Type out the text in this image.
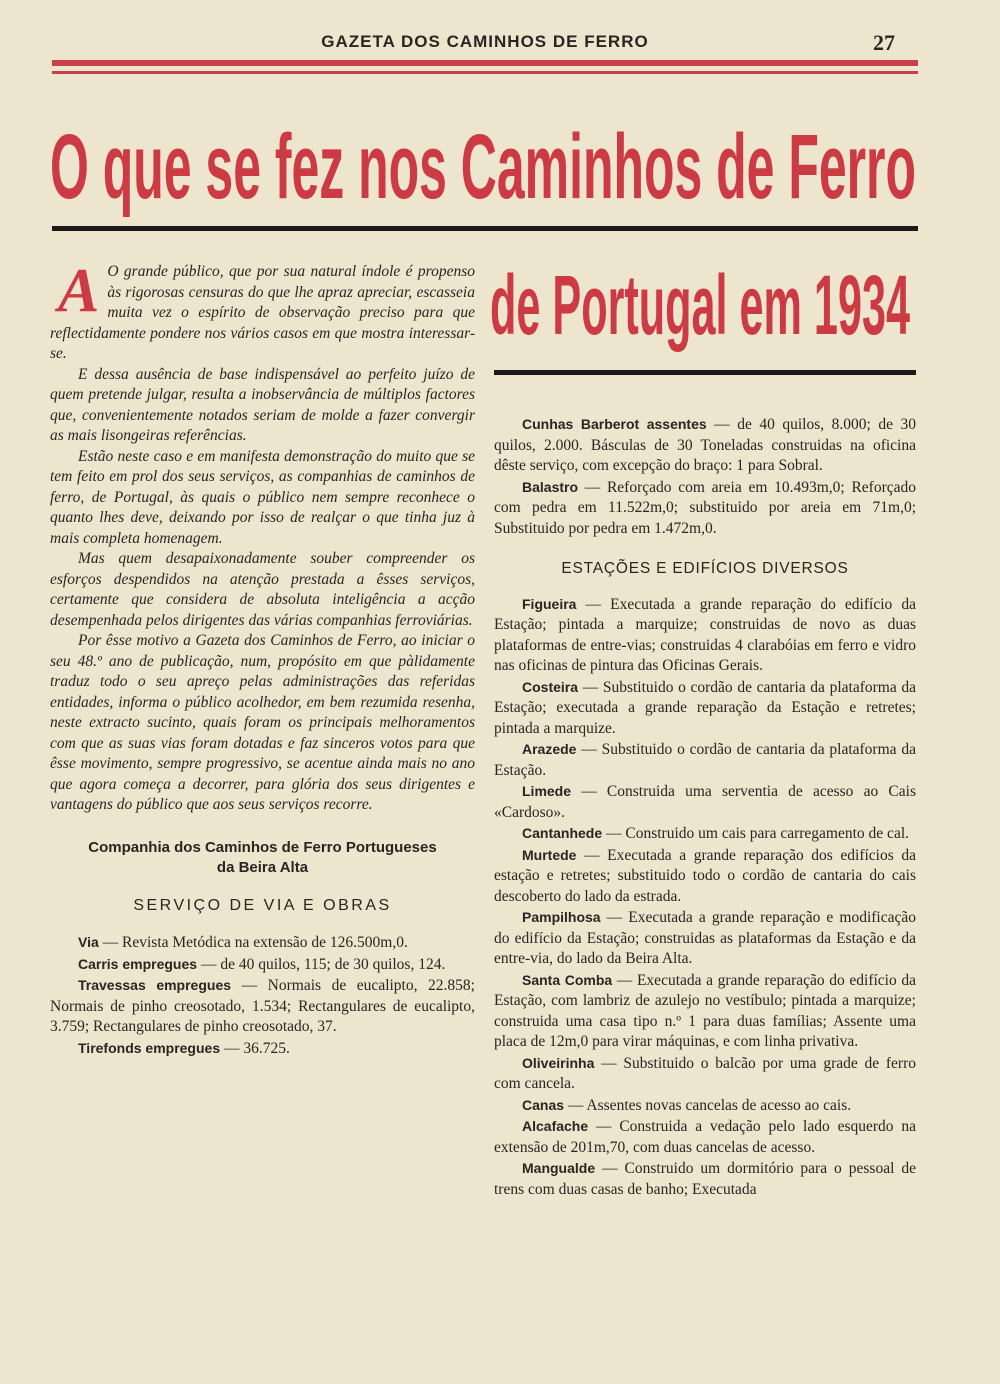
GAZETA DOS CAMINHOS DE FERRO	27
O que se fez nos Caminhos de Ferro
de Portugal em 1934

A O grande público, que por sua natural índole é propenso às rigorosas censuras do que lhe apraz apreciar, escasseia muita vez o espírito de observação preciso para que reflectidamente pondere nos vários casos em que mostra interessar-se.

E dessa ausência de base indispensável ao perfeito juízo de quem pretende julgar, resulta a inobservância de múltiplos factores que, convenientemente notados seriam de molde a fazer convergir as mais lisongeiras referências.

Estão neste caso e em manifesta demonstração do muito que se tem feito em prol dos seus serviços, as companhias de caminhos de ferro, de Portugal, às quais o público nem sempre reconhece o quanto lhes deve, deixando por isso de realçar o que tinha juz à mais completa homenagem.

Mas quem desapaixonadamente souber compreender os esforços despendidos na atenção prestada a êsses serviços, certamente que considera de absoluta inteligência a acção desempenhada pelos dirigentes das várias companhias ferroviárias.

Por êsse motivo a Gazeta dos Caminhos de Ferro, ao iniciar o seu 48.º ano de publicação, num, propósito em que pàlidamente traduz todo o seu apreço pelas administrações das referidas entidades, informa o público acolhedor, em bem rezumida resenha, neste extracto sucinto, quais foram os principais melhoramentos com que as suas vias foram dotadas e faz sinceros votos para que êsse movimento, sempre progressivo, se acentue ainda mais no ano que agora começa a decorrer, para glória dos seus dirigentes e vantagens do público que aos seus serviços recorre.

Companhia dos Caminhos de Ferro Portugueses
da Beira Alta
SERVIÇO DE VIA E OBRAS

Via — Revista Metódica na extensão de 126.500m,0.

Carris empregues — de 40 quilos, 115; de 30 quilos, 124.

Travessas empregues — Normais de eucalipto, 22.858; Normais de pinho creosotado, 1.534; Rectangulares de eucalipto, 3.759; Rectangulares de pinho creosotado, 37.

Tirefonds empregues — 36.725.

Cunhas Barberot assentes — de 40 quilos, 8.000; de 30 quilos, 2.000. Básculas de 30 Toneladas construidas na oficina dêste serviço, com excepção do braço: 1 para Sobral.

Balastro — Reforçado com areia em 10.493m,0; Reforçado com pedra em 11.522m,0; substituido por areia em 71m,0; Substituido por pedra em 1.472m,0.

ESTAÇÕES E EDIFÍCIOS DIVERSOS

Figueira — Executada a grande reparação do edifício da Estação; pintada a marquize; construidas de novo as duas plataformas de entre-vias; construidas 4 clarabóias em ferro e vidro nas oficinas de pintura das Oficinas Gerais.

Costeira — Substituido o cordão de cantaria da plataforma da Estação; executada a grande reparação da Estação e retretes; pintada a marquize.

Arazede — Substituido o cordão de cantaria da plataforma da Estação.

Limede — Construida uma serventia de acesso ao Cais «Cardoso».

Cantanhede — Construido um cais para carregamento de cal.

Murtede — Executada a grande reparação dos edifícios da estação e retretes; substituido todo o cordão de cantaria do cais descoberto do lado da estrada.

Pampilhosa — Executada a grande reparação e modificação do edifício da Estação; construidas as plataformas da Estação e da entre-via, do lado da Beira Alta.

Santa Comba — Executada a grande reparação do edifício da Estação, com lambriz de azulejo no vestíbulo; pintada a marquize; construida uma casa tipo n.º 1 para duas famílias; Assente uma placa de 12m,0 para virar máquinas, e com linha privativa.

Oliveirinha — Substituido o balcão por uma grade de ferro com cancela.

Canas — Assentes novas cancelas de acesso ao cais.

Alcafache — Construida a vedação pelo lado esquerdo na extensão de 201m,70, com duas cancelas de acesso.

Mangualde — Construido um dormitório para o pessoal de trens com duas casas de banho; Executada
